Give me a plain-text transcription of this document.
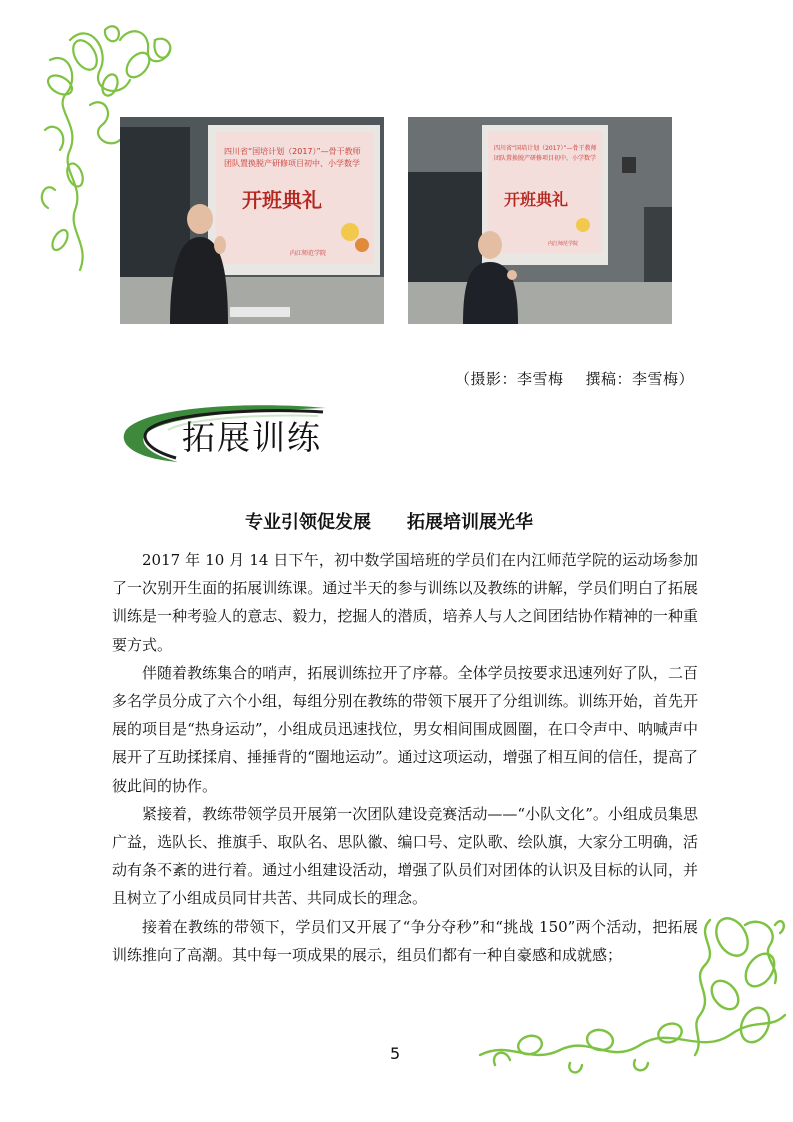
四川省“国培计划（2017）”—骨干教师
团队置换脱产研修项目初中、小学数学
开班典礼
内江师范学院
四川省“国培计划（2017）”—骨干教师
团队置换脱产研修项目初中、小学数学
开班典礼
内江师范学院
（摄影：李雪梅 撰稿：李雪梅）
拓展训练
专业引领促发展 拓展培训展光华

2017 年 10 月 14 日下午，初中数学国培班的学员们在内江师范学院的运动场参加了一次别开生面的拓展训练课。通过半天的参与训练以及教练的讲解，学员们明白了拓展训练是一种考验人的意志、毅力，挖掘人的潜质，培养人与人之间团结协作精神的一种重要方式。

伴随着教练集合的哨声，拓展训练拉开了序幕。全体学员按要求迅速列好了队，二百多名学员分成了六个小组，每组分别在教练的带领下展开了分组训练。训练开始，首先开展的项目是“热身运动”，小组成员迅速找位，男女相间围成圆圈，在口令声中、呐喊声中展开了互助揉揉肩、捶捶背的“圈地运动”。通过这项运动，增强了相互间的信任，提高了彼此间的协作。

紧接着，教练带领学员开展第一次团队建设竞赛活动——“小队文化”。小组成员集思广益，选队长、推旗手、取队名、思队徽、编口号、定队歌、绘队旗，大家分工明确，活动有条不紊的进行着。通过小组建设活动，增强了队员们对团体的认识及目标的认同，并且树立了小组成员同甘共苦、共同成长的理念。

接着在教练的带领下，学员们又开展了“争分夺秒”和“挑战 150”两个活动，把拓展训练推向了高潮。其中每一项成果的展示，组员们都有一种自豪感和成就感；

5
